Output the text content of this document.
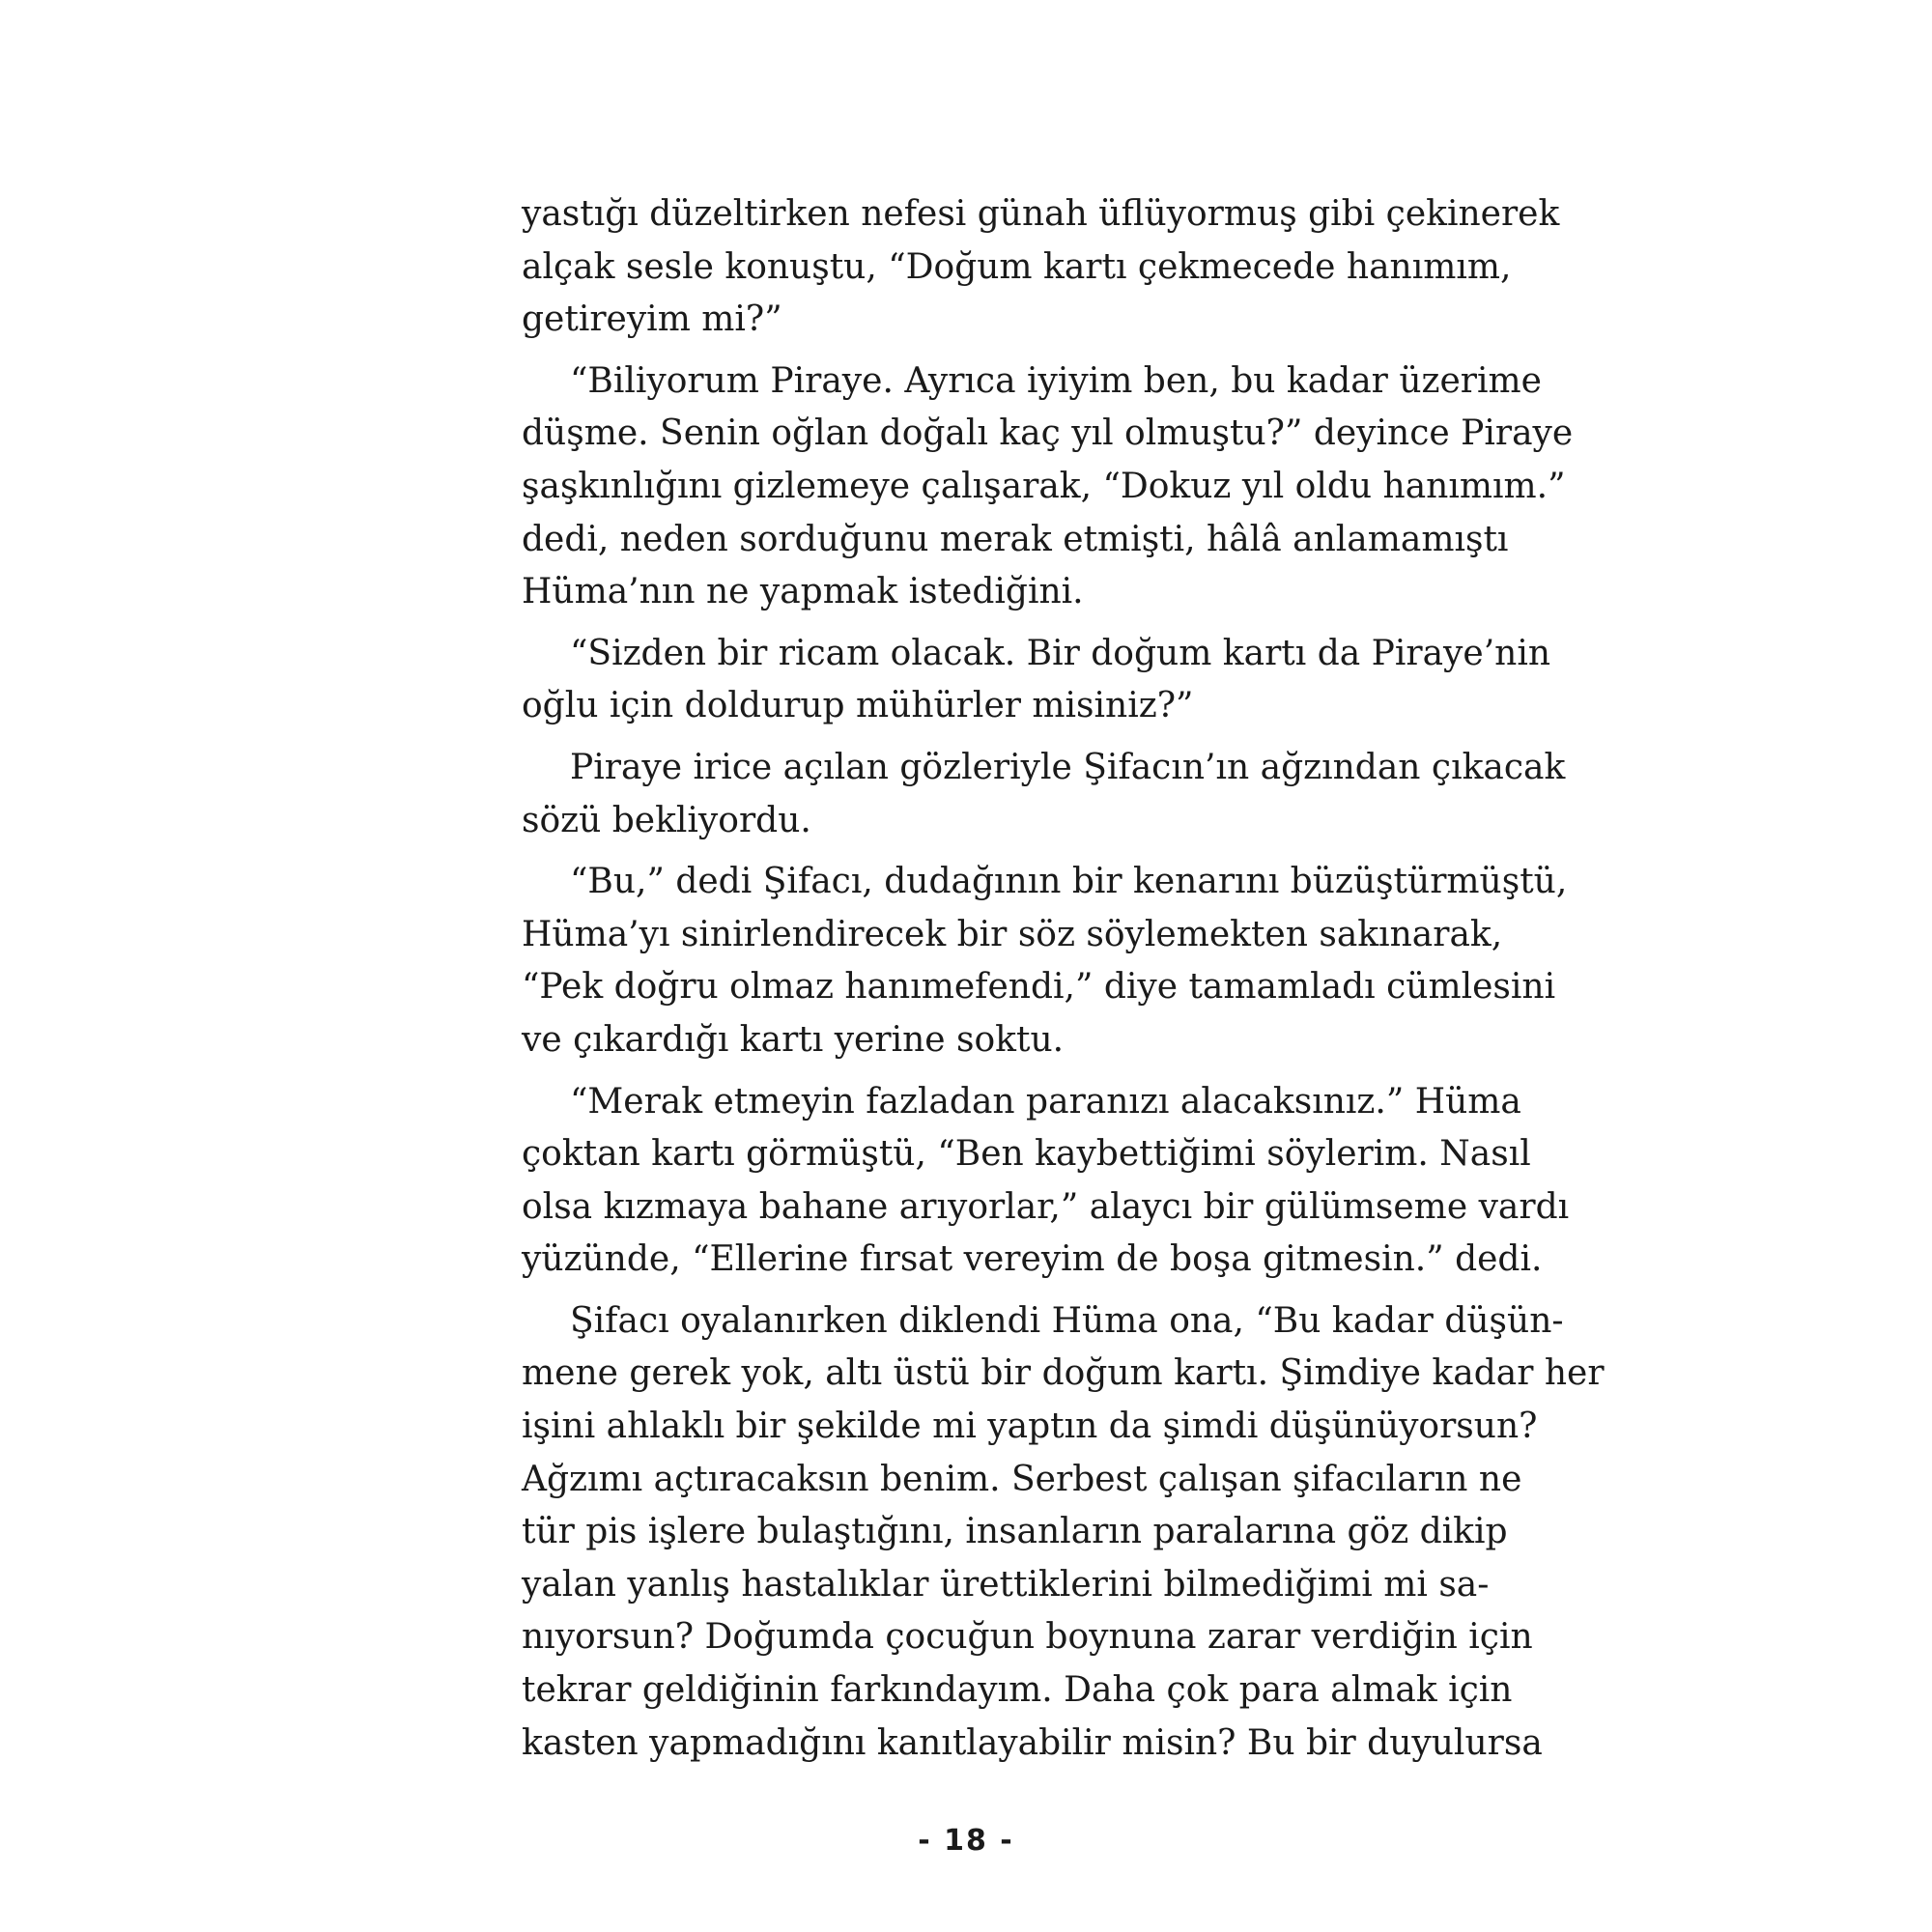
yastığı düzeltirken nefesi günah üflüyormuş gibi çekinerek
alçak sesle konuştu, “Doğum kartı çekmecede hanımım,
getireyim mi?”
“Biliyorum Piraye. Ayrıca iyiyim ben, bu kadar üzerime
düşme. Senin oğlan doğalı kaç yıl olmuştu?” deyince Piraye
şaşkınlığını gizlemeye çalışarak, “Dokuz yıl oldu hanımım.”
dedi, neden sorduğunu merak etmişti, hâlâ anlamamıştı
Hüma’nın ne yapmak istediğini.
“Sizden bir ricam olacak. Bir doğum kartı da Piraye’nin
oğlu için doldurup mühürler misiniz?”
Piraye irice açılan gözleriyle Şifacın’ın ağzından çıkacak
sözü bekliyordu.
“Bu,” dedi Şifacı, dudağının bir kenarını büzüştürmüştü,
Hüma’yı sinirlendirecek bir söz söylemekten sakınarak,
“Pek doğru olmaz hanımefendi,” diye tamamladı cümlesini
ve çıkardığı kartı yerine soktu.
“Merak etmeyin fazladan paranızı alacaksınız.” Hüma
çoktan kartı görmüştü, “Ben kaybettiğimi söylerim. Nasıl
olsa kızmaya bahane arıyorlar,” alaycı bir gülümseme vardı
yüzünde, “Ellerine fırsat vereyim de boşa gitmesin.” dedi.
Şifacı oyalanırken diklendi Hüma ona, “Bu kadar düşün-
mene gerek yok, altı üstü bir doğum kartı. Şimdiye kadar her
işini ahlaklı bir şekilde mi yaptın da şimdi düşünüyorsun?
Ağzımı açtıracaksın benim. Serbest çalışan şifacıların ne
tür pis işlere bulaştığını, insanların paralarına göz dikip
yalan yanlış hastalıklar ürettiklerini bilmediğimi mi sa-
nıyorsun? Doğumda çocuğun boynuna zarar verdiğin için
tekrar geldiğinin farkındayım. Daha çok para almak için
kasten yapmadığını kanıtlayabilir misin? Bu bir duyulursa
- 18 -
